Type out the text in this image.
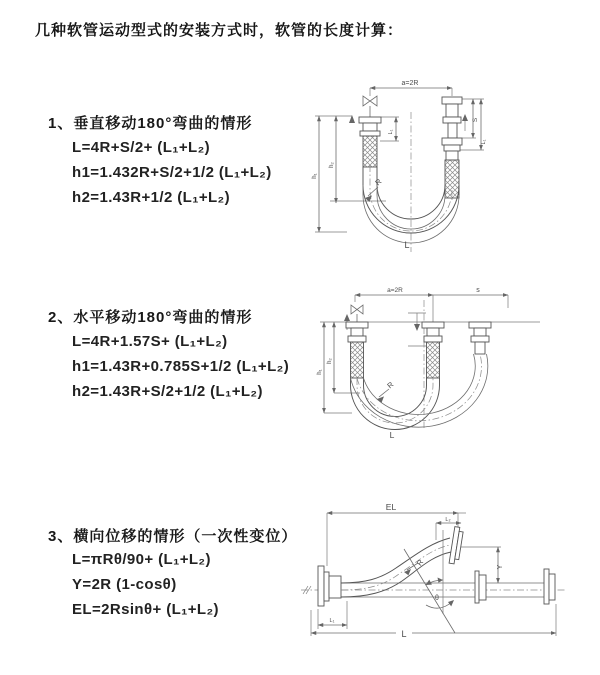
几种软管运动型式的安装方式时，软管的长度计算：
1、垂直移动180°弯曲的情形
L=4R+S/2+ (L₁+L₂)
h1=1.432R+S/2+1/2 (L₁+L₂)
h2=1.43R+1/2 (L₁+L₂)
2、水平移动180°弯曲的情形
L=4R+1.57S+ (L₁+L₂)
h1=1.43R+0.785S+1/2 (L₁+L₂)
h2=1.43R+S/2+1/2 (L₁+L₂)
3、横向位移的情形（一次性变位）
L=πRθ/90+ (L₁+L₂)
Y=2R (1-cosθ)
EL=2Rsinθ+ (L₁+L₂)
a=2R
L₁
S
L₁
h₁
h₂
R
L
a=2R	s
h₁
h₂
R
L
EL
L₂
Y
R
θ
L
L₁
